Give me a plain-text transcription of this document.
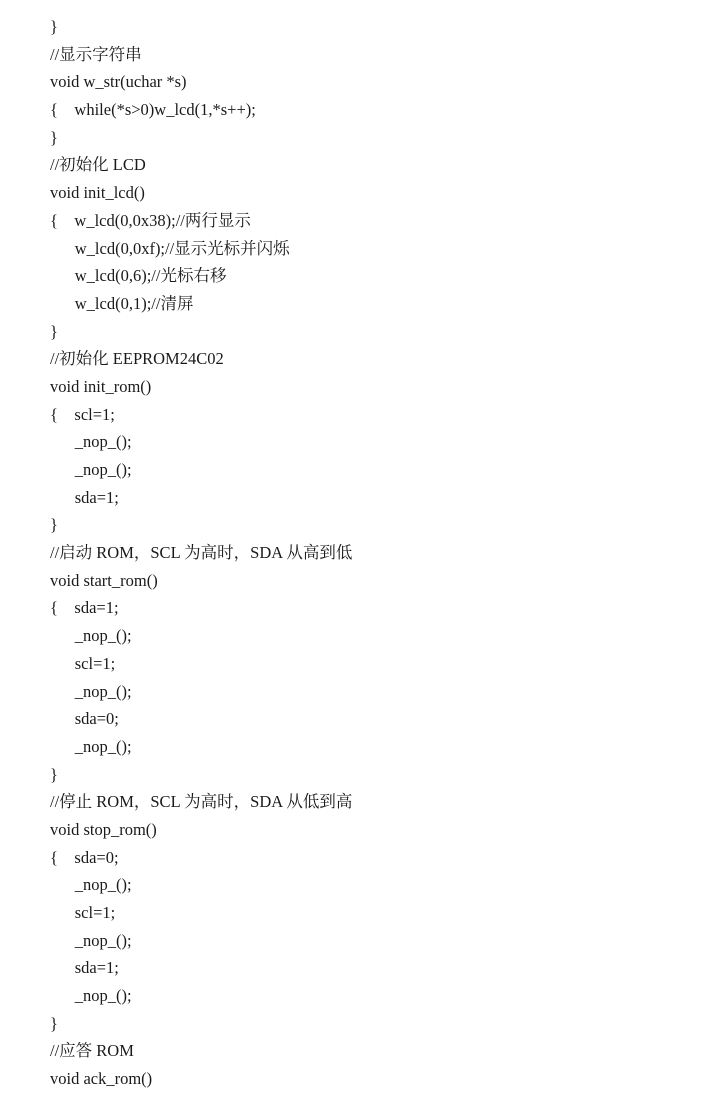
}
//显示字符串
void w_str(uchar *s)
{    while(*s>0)w_lcd(1,*s++);
}
//初始化 LCD
void init_lcd()
{    w_lcd(0,0x38);//两行显示
w_lcd(0,0xf);//显示光标并闪烁
w_lcd(0,6);//光标右移
w_lcd(0,1);//清屏
}
//初始化 EEPROM24C02
void init_rom()
{    scl=1;
_nop_();
_nop_();
sda=1;
}
//启动 ROM，SCL 为高时，SDA 从高到低
void start_rom()
{    sda=1;
_nop_();
scl=1;
_nop_();
sda=0;
_nop_();
}
//停止 ROM，SCL 为高时，SDA 从低到高
void stop_rom()
{    sda=0;
_nop_();
scl=1;
_nop_();
sda=1;
_nop_();
}
//应答 ROM
void ack_rom()
